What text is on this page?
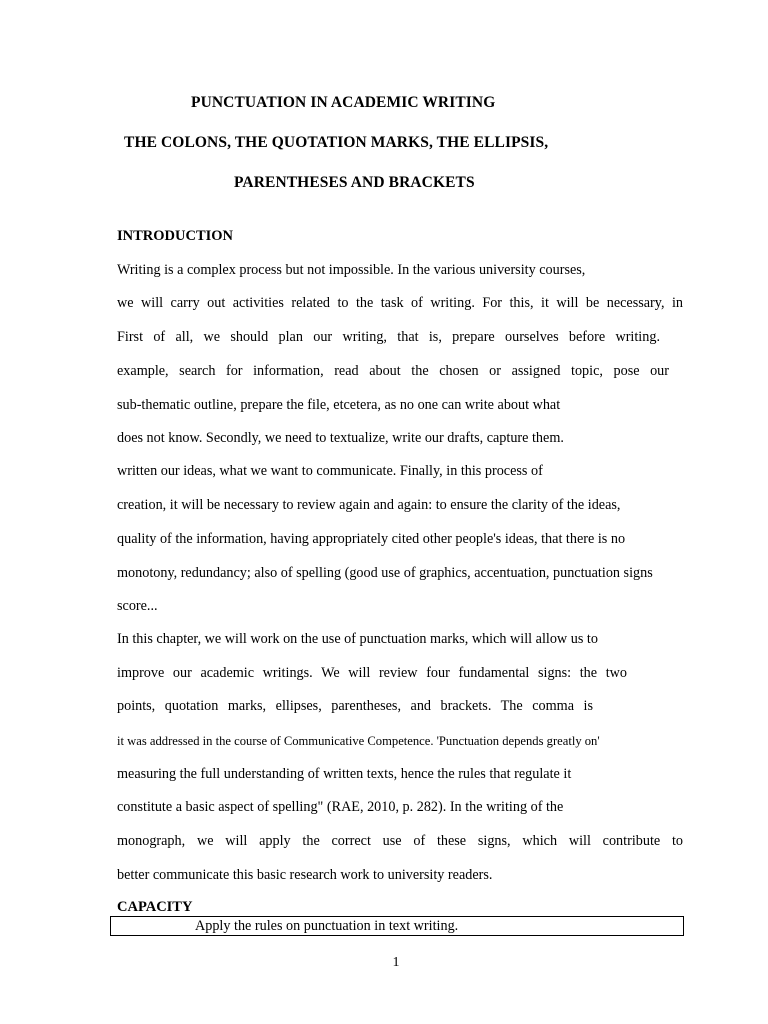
PUNCTUATION IN ACADEMIC WRITING
THE COLONS, THE QUOTATION MARKS, THE ELLIPSIS,
PARENTHESES AND BRACKETS
INTRODUCTION
Writing is a complex process but not impossible. In the various university courses,
we will carry out activities related to the task of writing. For this, it will be necessary, in
First of all, we should plan our writing, that is, prepare ourselves before writing.
example, search for information, read about the chosen or assigned topic, pose our
sub-thematic outline, prepare the file, etcetera, as no one can write about what
does not know. Secondly, we need to textualize, write our drafts, capture them.
written our ideas, what we want to communicate. Finally, in this process of
creation, it will be necessary to review again and again: to ensure the clarity of the ideas,
quality of the information, having appropriately cited other people's ideas, that there is no
monotony, redundancy; also of spelling (good use of graphics, accentuation, punctuation signs
score...
In this chapter, we will work on the use of punctuation marks, which will allow us to
improve our academic writings. We will review four fundamental signs: the two
points, quotation marks, ellipses, parentheses, and brackets. The comma is
it was addressed in the course of Communicative Competence. 'Punctuation depends greatly on'
measuring the full understanding of written texts, hence the rules that regulate it
constitute a basic aspect of spelling" (RAE, 2010, p. 282). In the writing of the
monograph, we will apply the correct use of these signs, which will contribute to
better communicate this basic research work to university readers.
CAPACITY
Apply the rules on punctuation in text writing.
1
